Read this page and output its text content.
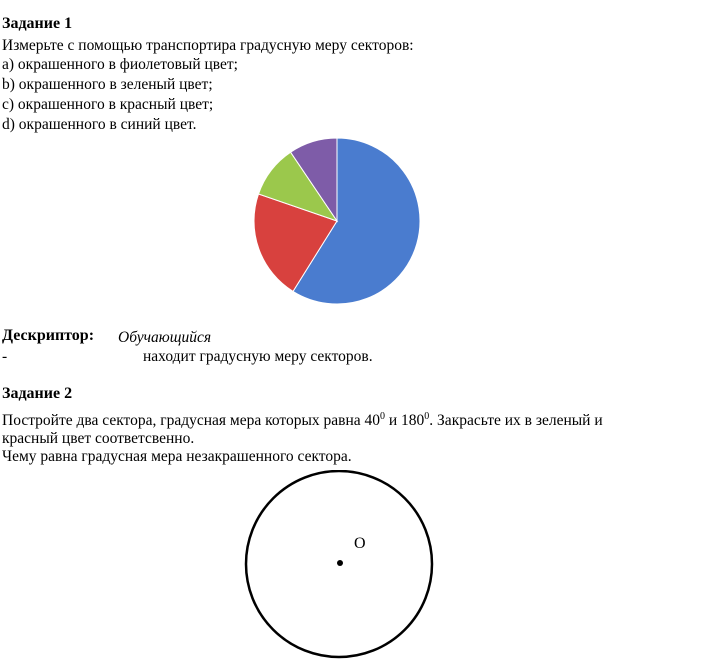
Задание 1
Измерьте с помощью транспортира градусную меру секторов:
a) окрашенного в фиолетовый цвет;
b) окрашенного в зеленый цвет;
c) окрашенного в красный цвет;
d) окрашенного в синий цвет.
Дескриптор: Обучающийся
-	находит градусную меру секторов.
Задание 2
Постройте два сектора, градусная мера которых равна $40^0$ и $180^0$. Закрасьте их в зеленый и
красный цвет соответсвенно.
Чему равна градусная мера незакрашенного сектора.
O
